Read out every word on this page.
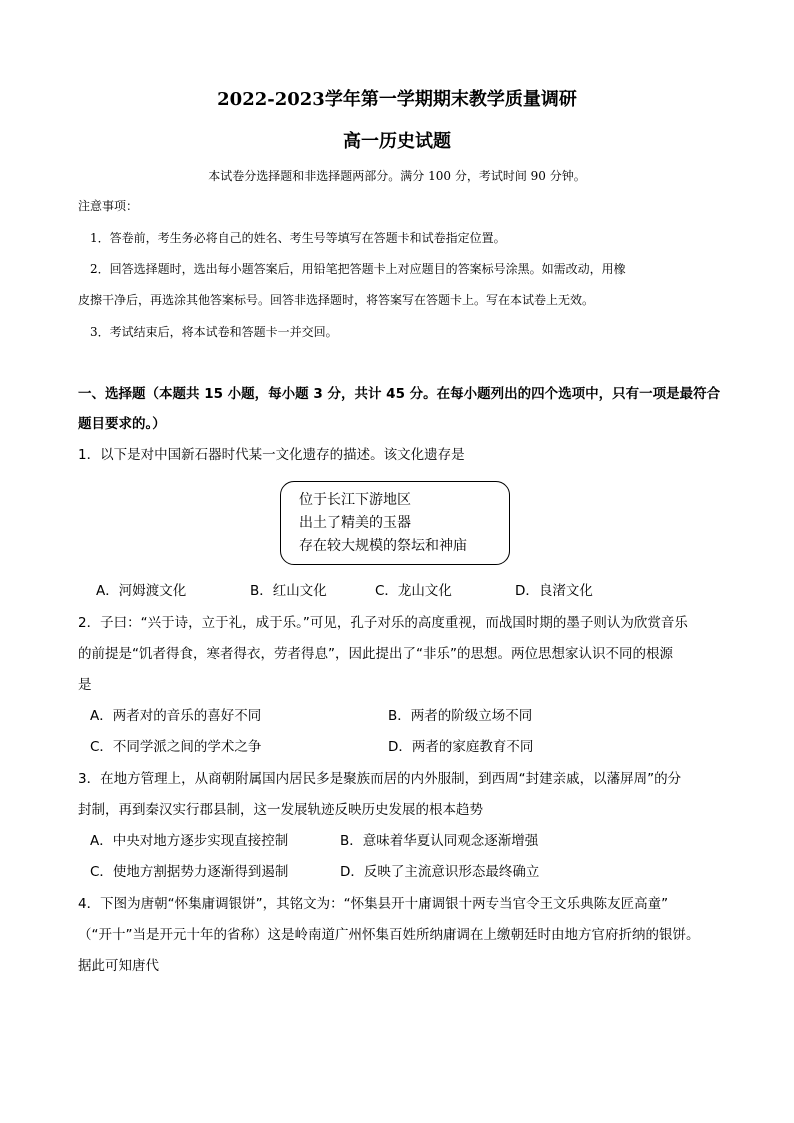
2022-2023学年第一学期期末教学质量调研
高一历史试题
本试卷分选择题和非选择题两部分。满分 100 分，考试时间 90 分钟。
注意事项：
1．答卷前，考生务必将自己的姓名、考生号等填写在答题卡和试卷指定位置。
2．回答选择题时，选出每小题答案后，用铅笔把答题卡上对应题目的答案标号涂黑。如需改动，用橡
皮擦干净后，再选涂其他答案标号。回答非选择题时，将答案写在答题卡上。写在本试卷上无效。
3．考试结束后，将本试卷和答题卡一并交回。
一、选择题（本题共 15 小题，每小题 3 分，共计 45 分。在每小题列出的四个选项中，只有一项是最符合
题目要求的。）
1．以下是对中国新石器时代某一文化遗存的描述。该文化遗存是
位于长江下游地区
出土了精美的玉器
存在较大规模的祭坛和神庙
A．河姆渡文化	B．红山文化	C．龙山文化	D．良渚文化
2．子曰：“兴于诗，立于礼，成于乐。”可见，孔子对乐的高度重视，而战国时期的墨子则认为欣赏音乐
的前提是“饥者得食，寒者得衣，劳者得息”，因此提出了“非乐”的思想。两位思想家认识不同的根源
是
A．两者对的音乐的喜好不同	B．两者的阶级立场不同
C．不同学派之间的学术之争	D．两者的家庭教育不同
3．在地方管理上，从商朝附属国内居民多是聚族而居的内外服制，到西周“封建亲戚，以藩屏周”的分
封制，再到秦汉实行郡县制，这一发展轨迹反映历史发展的根本趋势
A．中央对地方逐步实现直接控制	B．意味着华夏认同观念逐渐增强
C．使地方割据势力逐渐得到遏制	D．反映了主流意识形态最终确立
4．下图为唐朝“怀集庸调银饼”，其铭文为：“怀集县开十庸调银十两专当官令王文乐典陈友匠高童”
（“开十”当是开元十年的省称）这是岭南道广州怀集百姓所纳庸调在上缴朝廷时由地方官府折纳的银饼。
据此可知唐代
